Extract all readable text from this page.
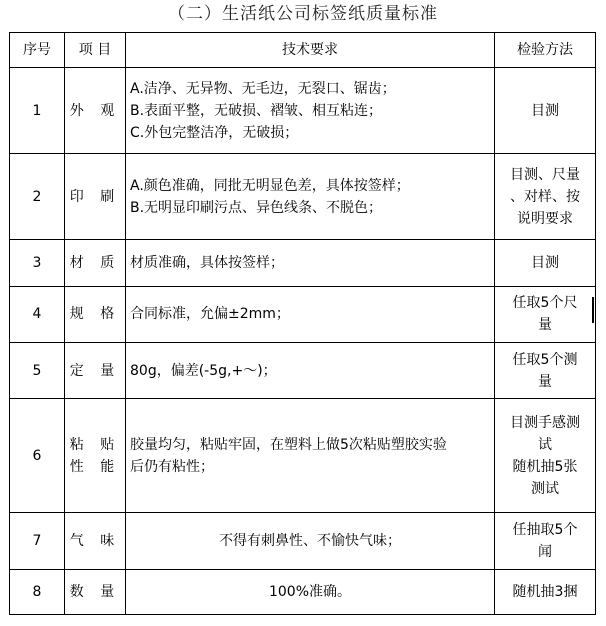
（二）生活纸公司标签纸质量标准
序号	项 目	技术要求	检验方法
1	外 观	A.洁净、无异物、无毛边，无裂口、锯齿；
B.表面平整，无破损、褶皱、相互粘连；
C.外包完整洁净，无破损；	目测

2	印 刷	A.颜色准确，同批无明显色差，具体按签样；
B.无明显印刷污点、异色线条、不脱色；	目测、尺量
、对样、按
说明要求

3	材 质	材质准确，具体按签样；	目测

4	规 格	合同标准，允偏±2mm；	任取5个尺
量

5	定 量	80g，偏差(-5g,+～)；	任取5个测
量

6	粘 贴
性 能	胶量均匀，粘贴牢固，在塑料上做5次粘贴塑胶实验
后仍有粘性；	目测手感测
试
随机抽5张
测试

7	气 味	不得有刺鼻性、不愉快气味；	任抽取5个
闻

8	数 量	100%准确。	随机抽3捆
